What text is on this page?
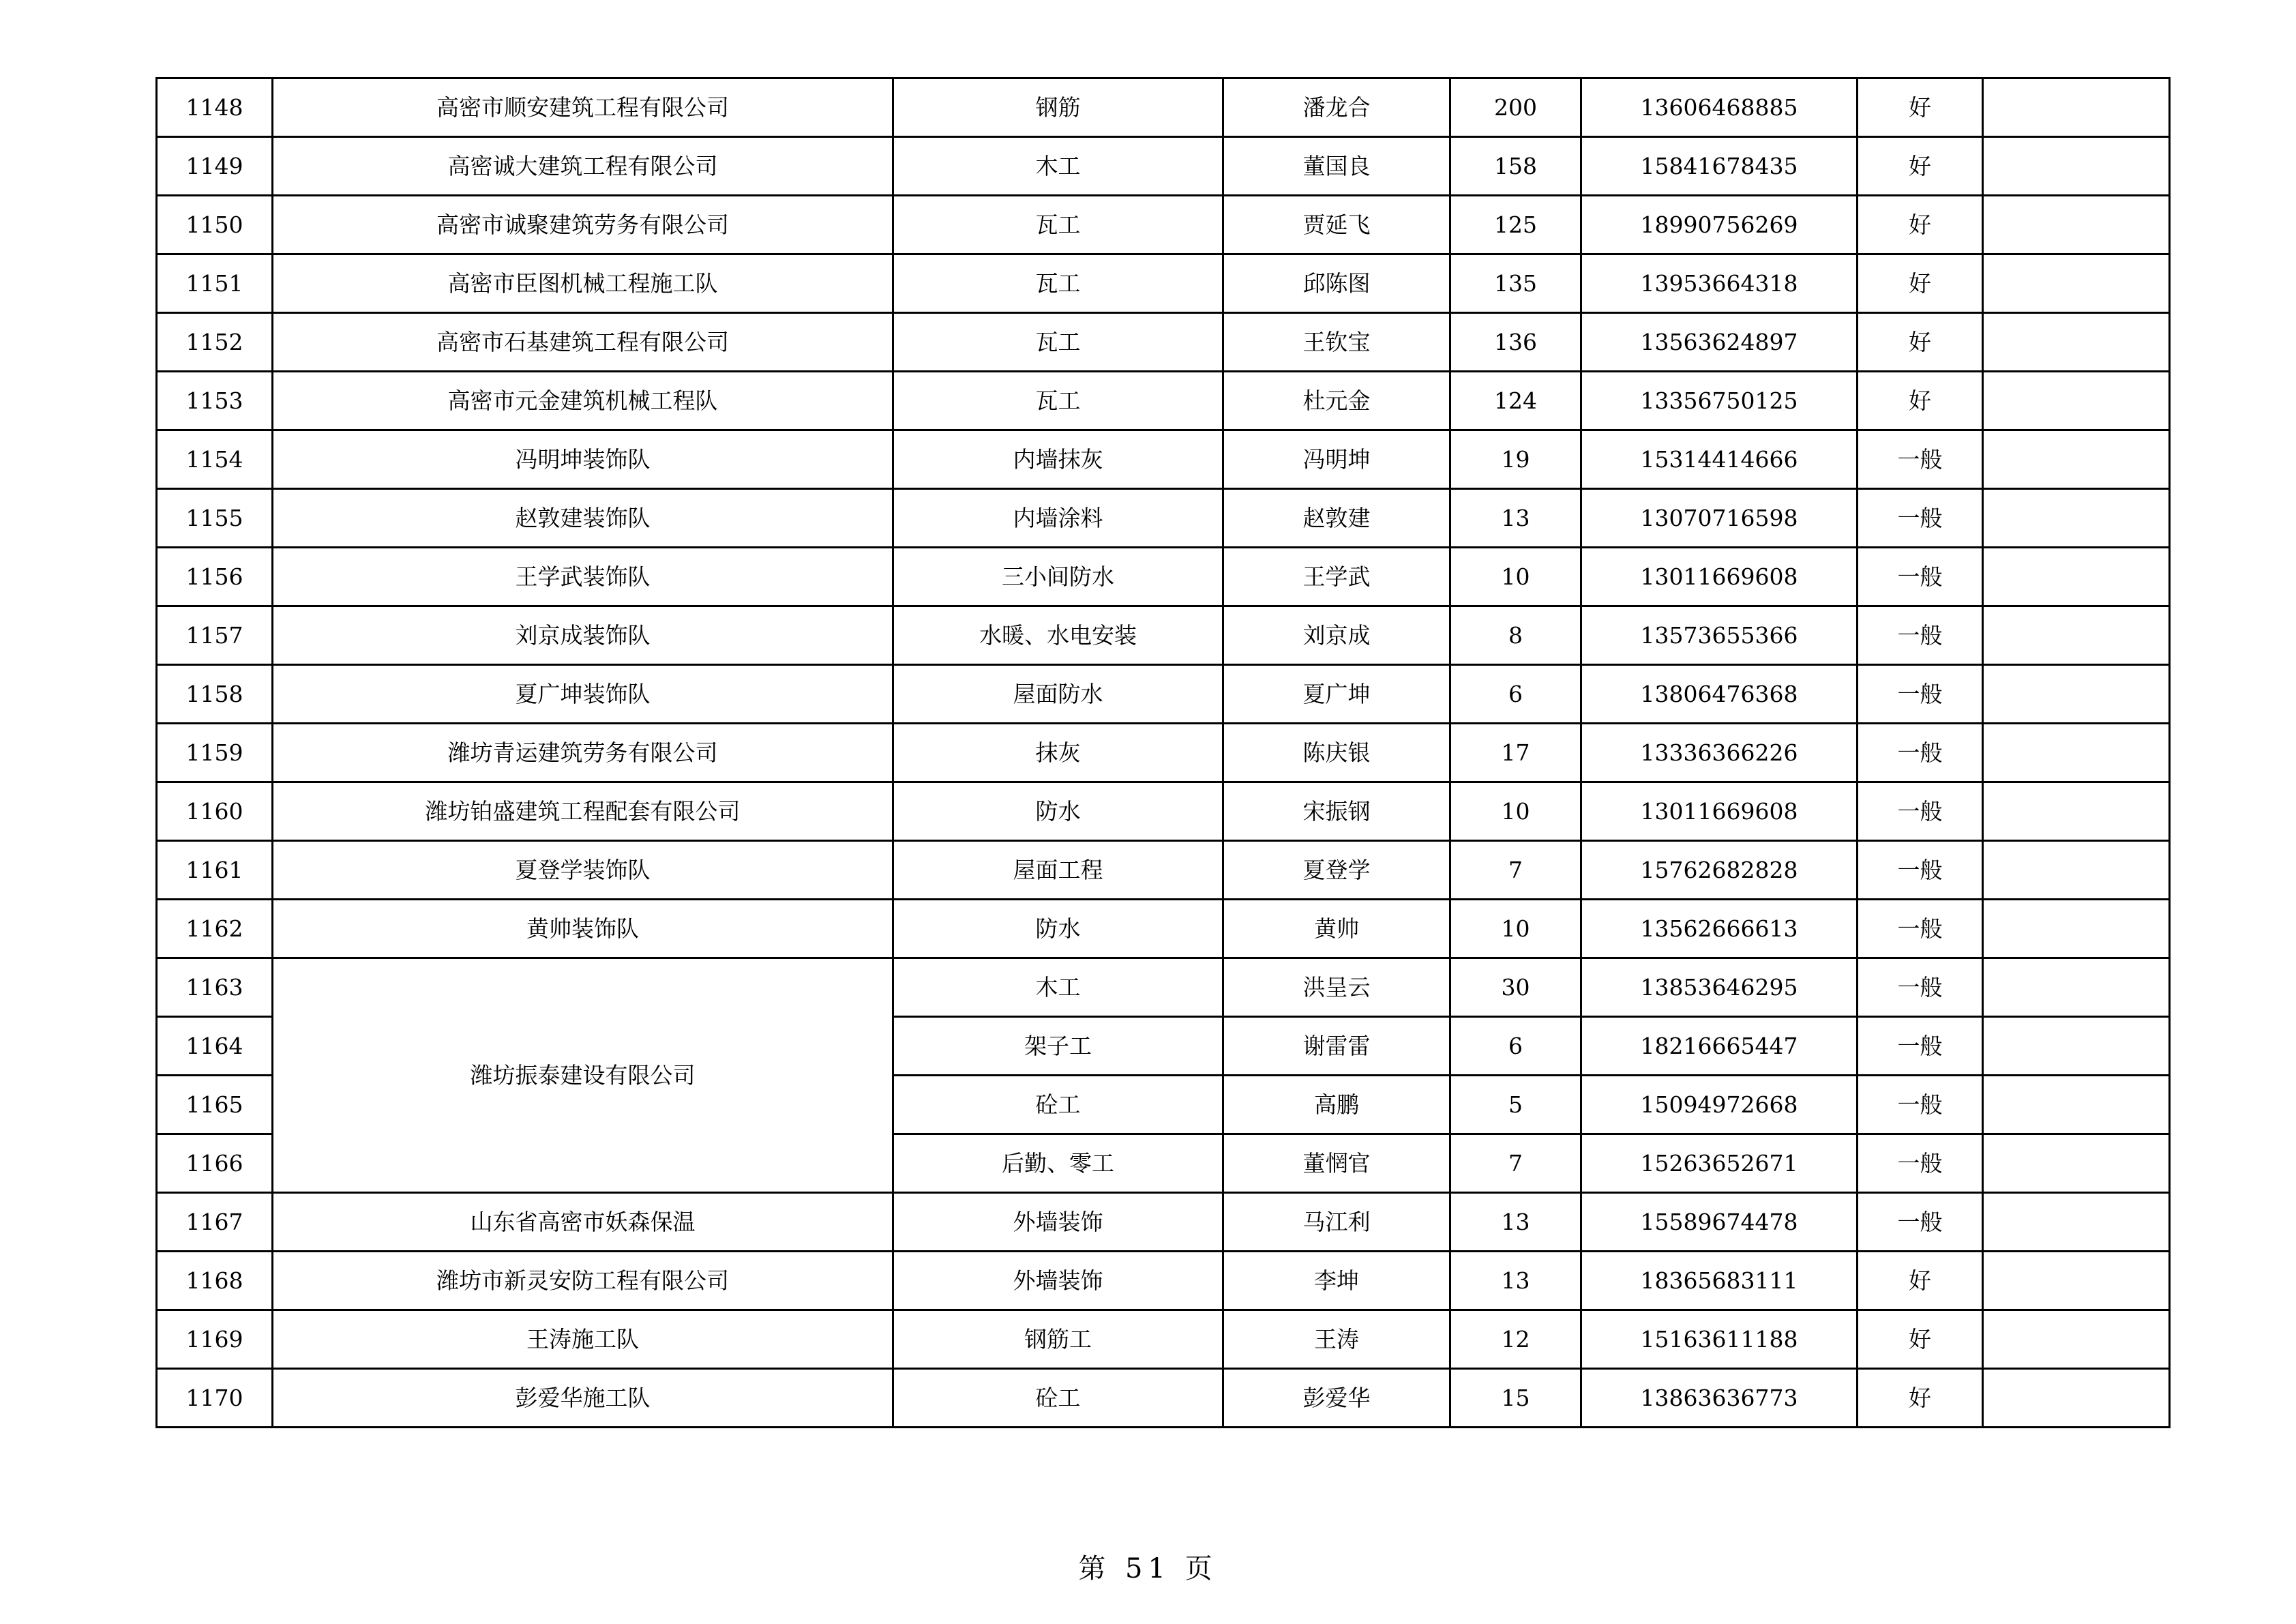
1148	高密市顺安建筑工程有限公司	钢筋	潘龙合	200	13606468885	好	
1149	高密诚大建筑工程有限公司	木工	董国良	158	15841678435	好	
1150	高密市诚聚建筑劳务有限公司	瓦工	贾延飞	125	18990756269	好	
1151	高密市臣图机械工程施工队	瓦工	邱陈图	135	13953664318	好	
1152	高密市石基建筑工程有限公司	瓦工	王钦宝	136	13563624897	好	
1153	高密市元金建筑机械工程队	瓦工	杜元金	124	13356750125	好	
1154	冯明坤装饰队	内墙抹灰	冯明坤	19	15314414666	一般	
1155	赵敦建装饰队	内墙涂料	赵敦建	13	13070716598	一般	
1156	王学武装饰队	三小间防水	王学武	10	13011669608	一般	
1157	刘京成装饰队	水暖、水电安装	刘京成	8	13573655366	一般	
1158	夏广坤装饰队	屋面防水	夏广坤	6	13806476368	一般	
1159	潍坊青运建筑劳务有限公司	抹灰	陈庆银	17	13336366226	一般	
1160	潍坊铂盛建筑工程配套有限公司	防水	宋振钢	10	13011669608	一般	
1161	夏登学装饰队	屋面工程	夏登学	7	15762682828	一般	
1162	黄帅装饰队	防水	黄帅	10	13562666613	一般	
1163	潍坊振泰建设有限公司	木工	洪呈云	30	13853646295	一般	
1164		架子工	谢雷雷	6	18216665447	一般	
1165		砼工	高鹏	5	15094972668	一般	
1166		后勤、零工	董惘官	7	15263652671	一般	
1167	山东省高密市妖森保温	外墙装饰	马江利	13	15589674478	一般	
1168	潍坊市新灵安防工程有限公司	外墙装饰	李坤	13	18365683111	好	
1169	王涛施工队	钢筋工	王涛	12	15163611188	好	
1170	彭爱华施工队	砼工	彭爱华	15	13863636773	好	
第 51 页
